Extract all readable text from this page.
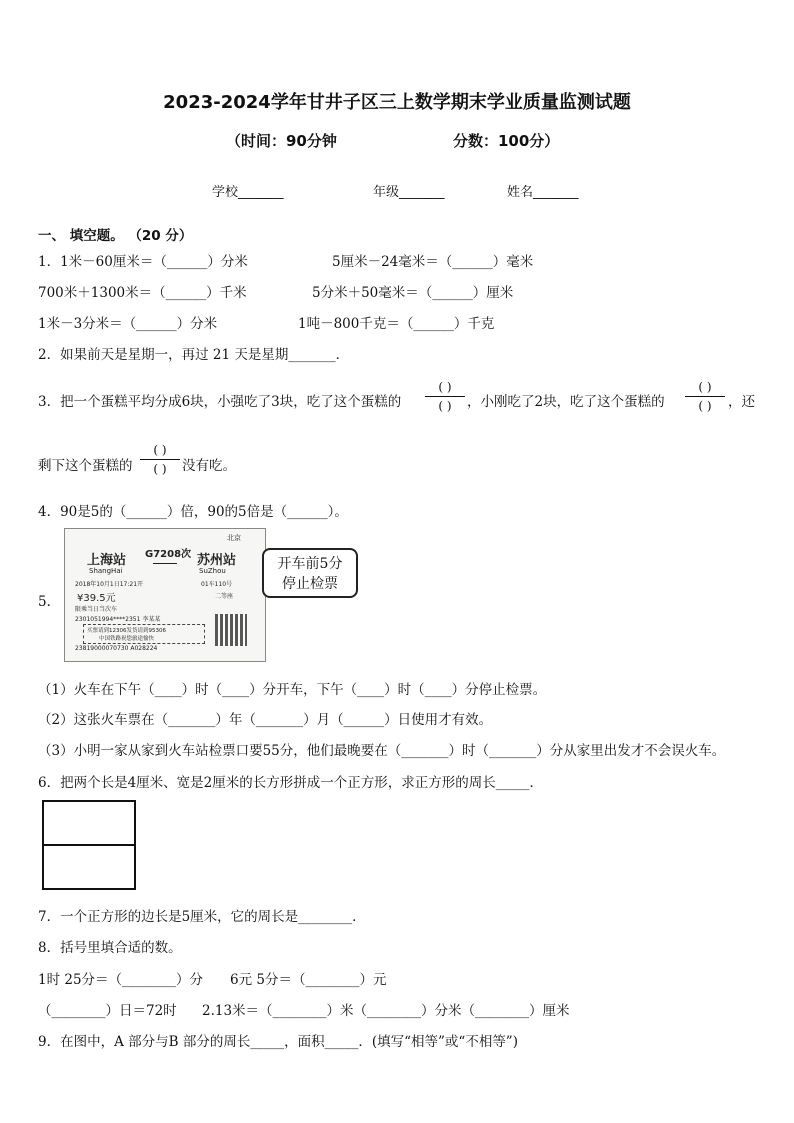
2023-2024学年甘井子区三上数学期末学业质量监测试题
（时间：90分钟	分数：100分）
学校_______	年级_______	姓名_______
一、 填空题。 （20 分）
1．1米－60厘米＝（______）分米	5厘米－24毫米＝（______）毫米
700米＋1300米＝（______）千米	5分米＋50毫米＝（______）厘米
1米－3分米＝（______）分米	1吨－800千克＝（______）千克
2．如果前天是星期一，再过 21 天是星期_______．
3．把一个蛋糕平均分成6块，小强吃了3块，吃了这个蛋糕的
( )
( )	，小刚吃了2块，吃了这个蛋糕的
( )
( )	，还
剩下这个蛋糕的
( )
( )	没有吃。
4．90是5的（______）倍，90的5倍是（______）。
5．
上海站
ShangHai
G7208次 苏州站
SuZhou
北京
2018年10月1日17:21开	01车110号
¥39.5元	二等座
限乘当日当次车
2301051994****2351 李某某
买票请到12306发货请到95306
中国铁路祝您旅途愉快
23819000070730 A028224
开车前5分
停止检票
（1）火车在下午（____）时（____）分开车，下午（____）时（____）分停止检票。
（2）这张火车票在（_______）年（_______）月（______）日使用才有效。
（3）小明一家从家到火车站检票口要55分，他们最晚要在（_______）时（_______）分从家里出发才不会误火车。
6．把两个长是4厘米、宽是2厘米的长方形拼成一个正方形，求正方形的周长_____．
7．一个正方形的边长是5厘米，它的周长是________．
8．括号里填合适的数。
1时 25分＝（________）分 6元 5分＝（________）元
（________）日＝72时 2.13米＝（________）米（________）分米（________）厘米
9．在图中，A 部分与B 部分的周长_____，面积_____．(填写“相等”或“不相等”)
